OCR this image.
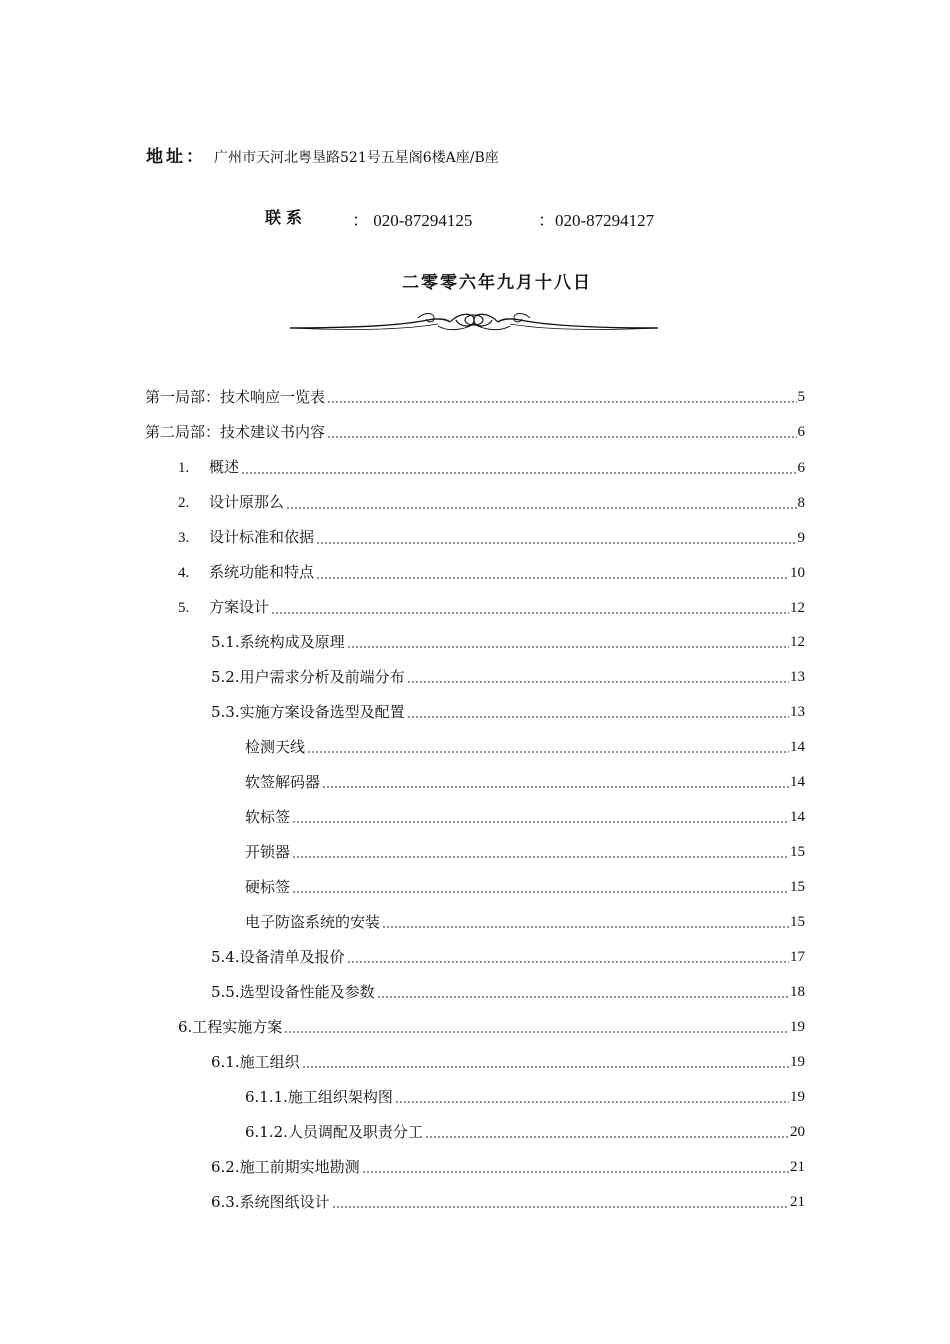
地址： 广州市天河北粤垦路521号五星阁6楼A座/B座
联系	： 020-87294125	：020-87294127
二零零六年九月十八日
第一局部：技术响应一览表	5
第二局部：技术建议书内容	6
1. 概述	6
2. 设计原那么	8
3. 设计标准和依据	9
4. 系统功能和特点	10
5. 方案设计	12
5.1.系统构成及原理	12
5.2.用户需求分析及前端分布	13
5.3.实施方案设备选型及配置	13
检测天线	14
软签解码器	14
软标签	14
开锁器	15
硬标签	15
电子防盗系统的安装	15
5.4.设备清单及报价	17
5.5.选型设备性能及参数	18
6.工程实施方案	19
6.1.施工组织	19
6.1.1.施工组织架构图	19
6.1.2.人员调配及职责分工	20
6.2.施工前期实地勘测	21
6.3.系统图纸设计	21
